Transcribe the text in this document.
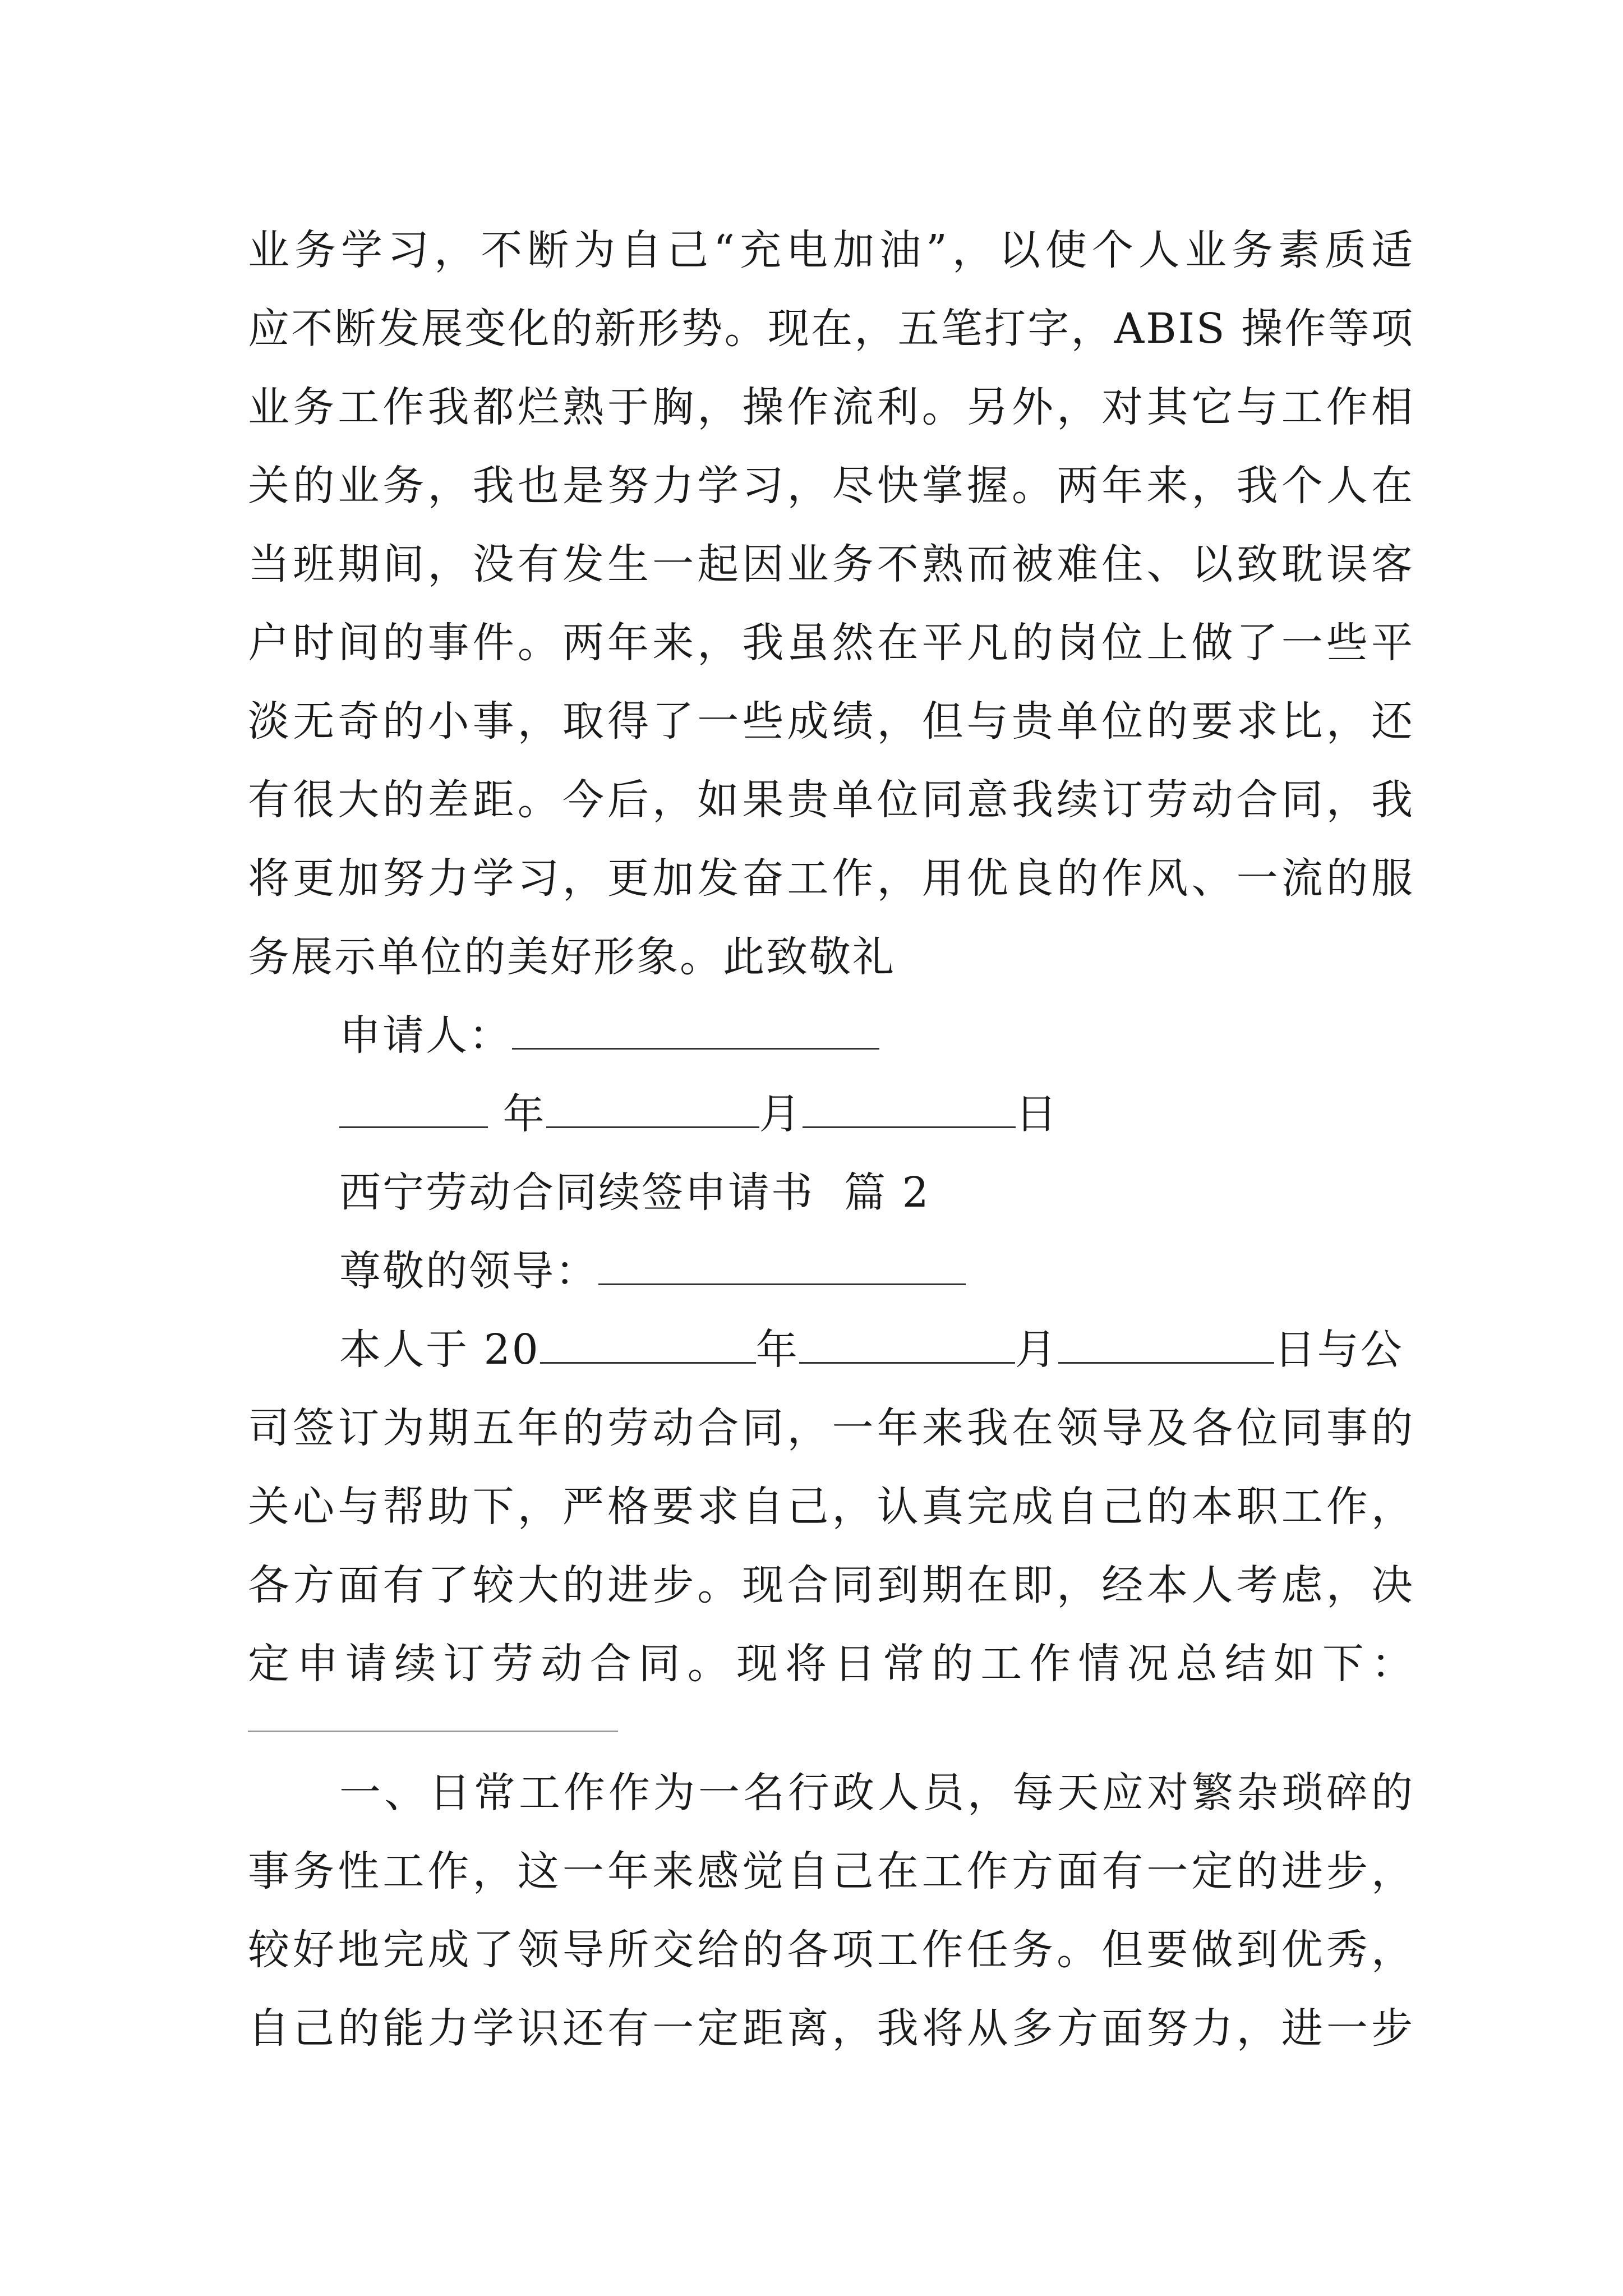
业务学习，不断为自己“充电加油”，以使个人业务素质适
应不断发展变化的新形势。现在，五笔打字，ABIS 操作等项
业务工作我都烂熟于胸，操作流利。另外，对其它与工作相
关的业务，我也是努力学习，尽快掌握。两年来，我个人在
当班期间，没有发生一起因业务不熟而被难住、以致耽误客
户时间的事件。两年来，我虽然在平凡的岗位上做了一些平
淡无奇的小事，取得了一些成绩，但与贵单位的要求比，还
有很大的差距。今后，如果贵单位同意我续订劳动合同，我
将更加努力学习，更加发奋工作，用优良的作风、一流的服
务展示单位的美好形象。此致敬礼
申请人：
年	月	日
西宁劳动合同续签申请书  篇 2
尊敬的领导：
本人于 20	年	月	日与公
司签订为期五年的劳动合同，一年来我在领导及各位同事的
关心与帮助下，严格要求自己，认真完成自己的本职工作，
各方面有了较大的进步。现合同到期在即，经本人考虑，决
定申请续订劳动合同。现将日常的工作情况总结如下：
一、日常工作作为一名行政人员，每天应对繁杂琐碎的
事务性工作，这一年来感觉自己在工作方面有一定的进步，
较好地完成了领导所交给的各项工作任务。但要做到优秀，
自己的能力学识还有一定距离，我将从多方面努力，进一步
